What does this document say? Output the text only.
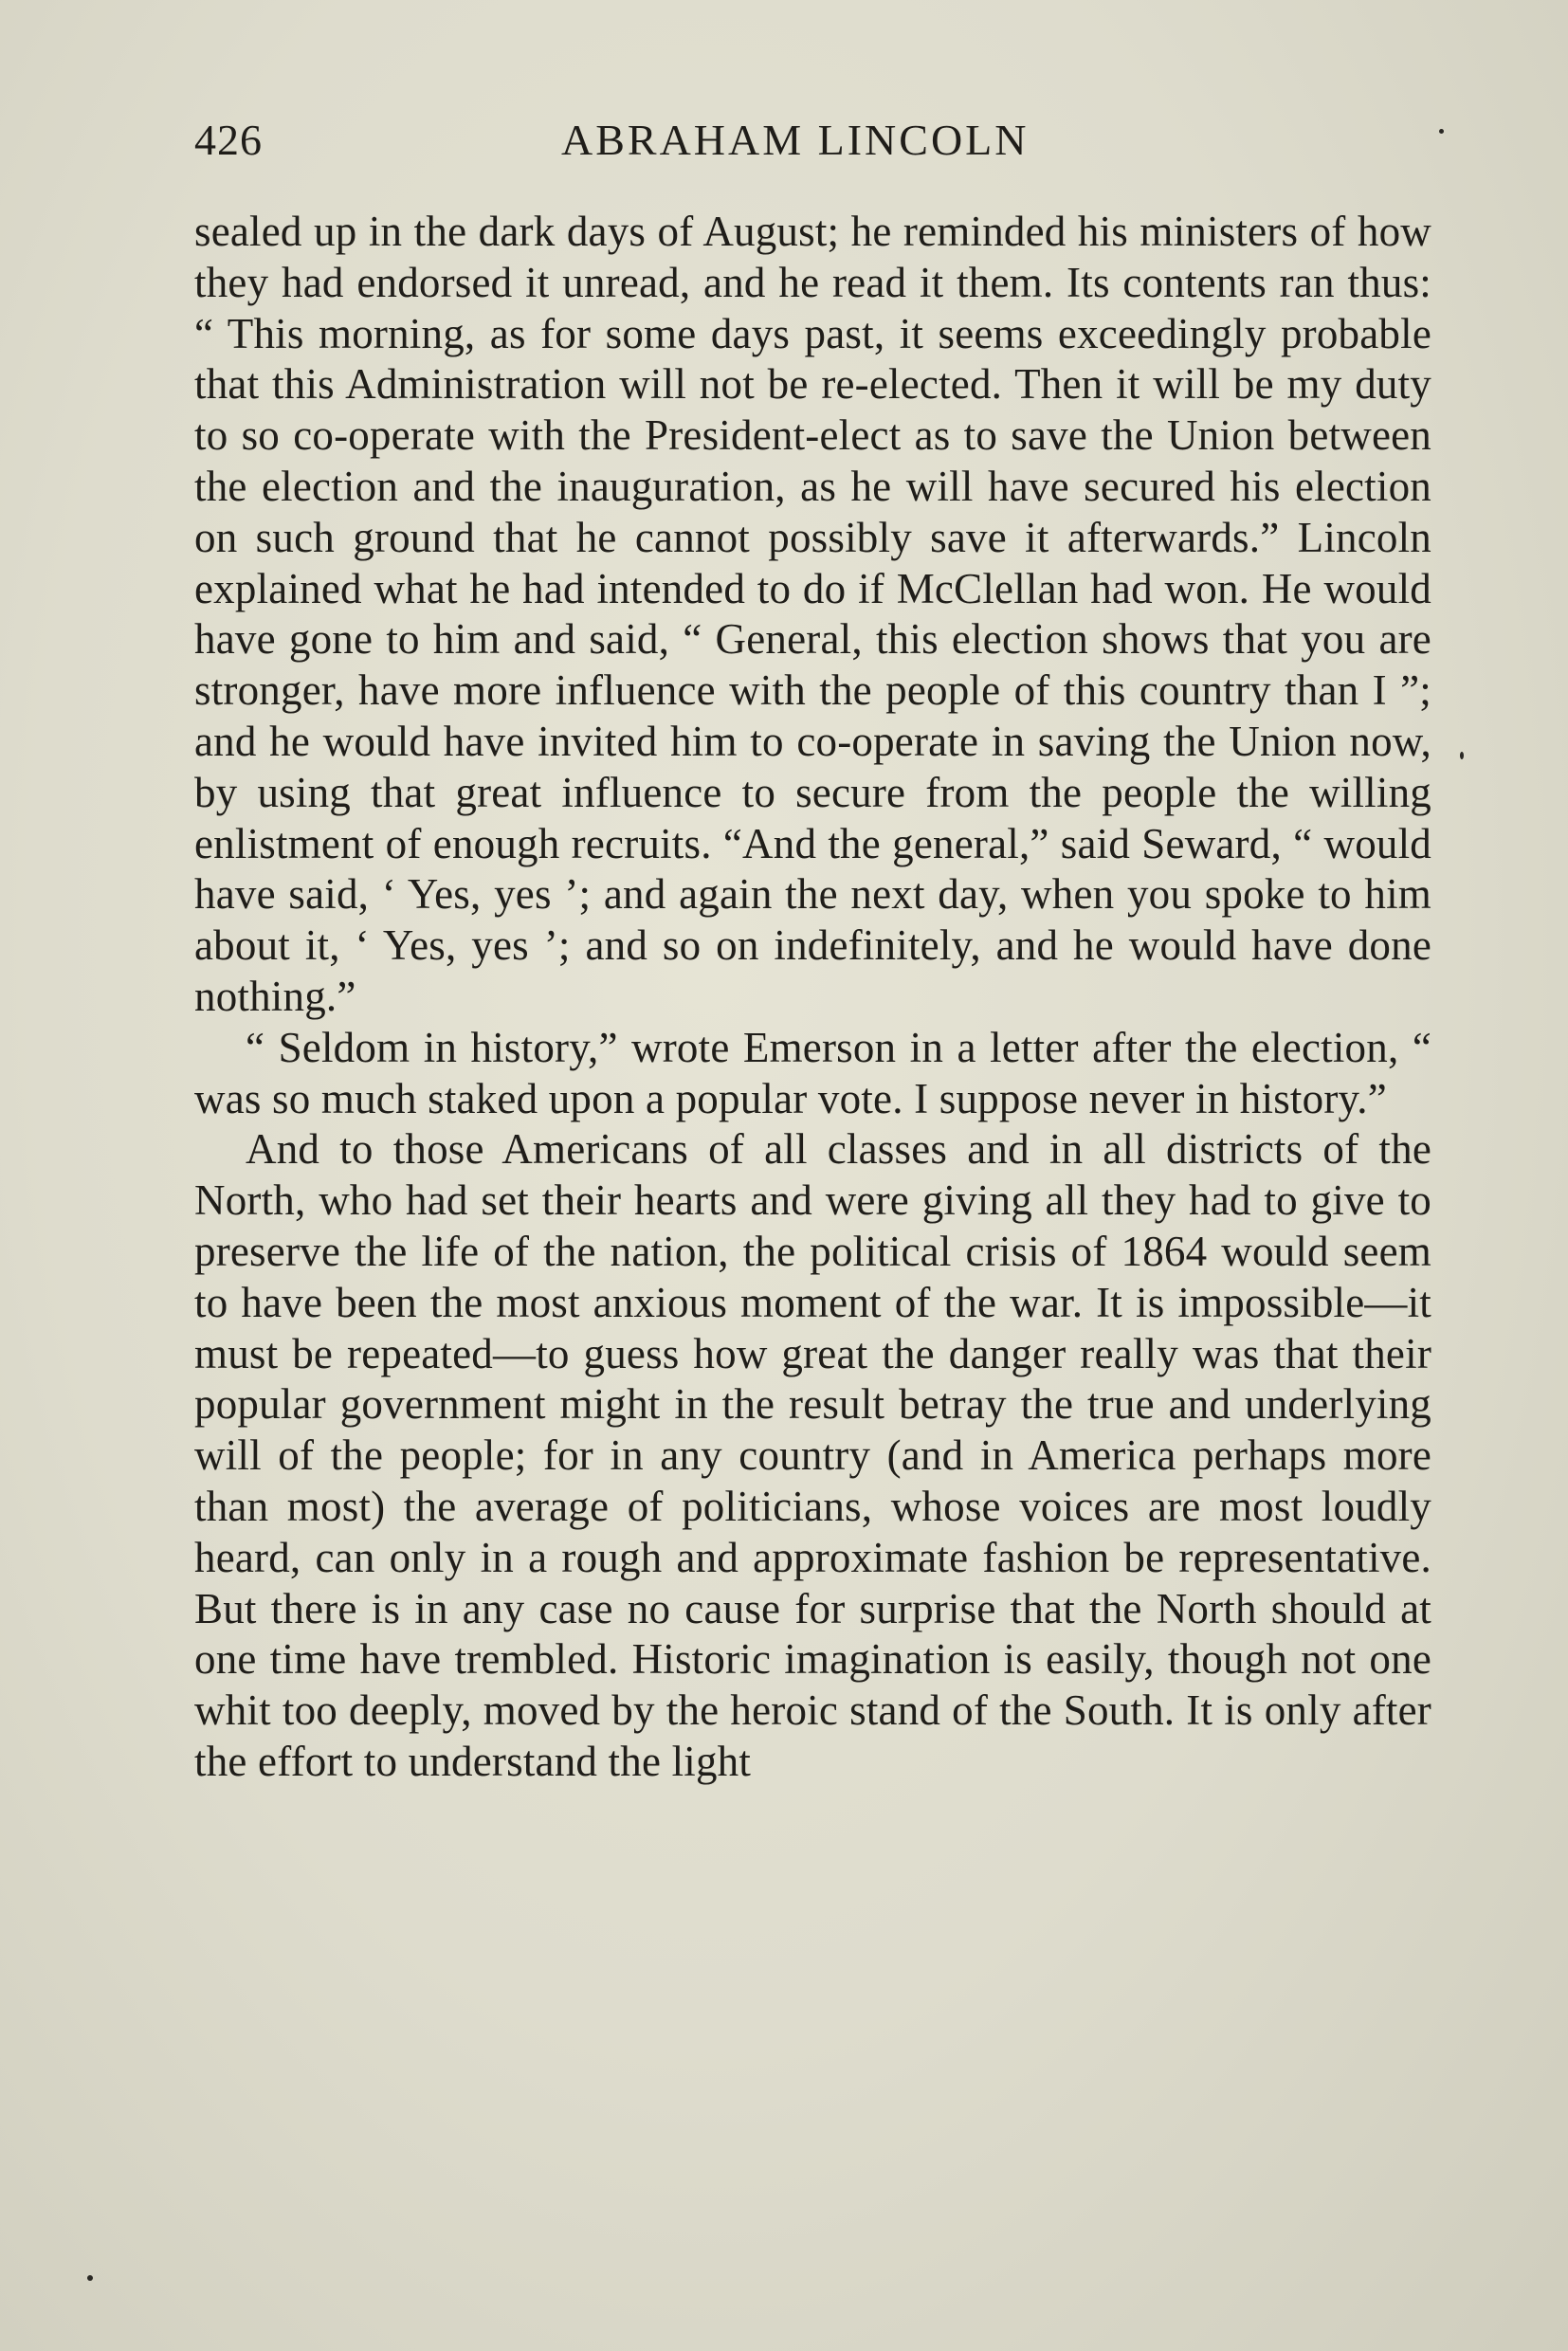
426	ABRAHAM LINCOLN

sealed up in the dark days of August; he reminded his ministers of how they had endorsed it unread, and he read it them. Its contents ran thus: “ This morning, as for some days past, it seems exceedingly probable that this Administration will not be re-elected. Then it will be my duty to so co-operate with the President-elect as to save the Union between the election and the inauguration, as he will have secured his election on such ground that he cannot possibly save it afterwards.” Lincoln explained what he had intended to do if McClellan had won. He would have gone to him and said, “ General, this election shows that you are stronger, have more influence with the people of this country than I ”; and he would have invited him to co-operate in saving the Union now, by using that great influence to secure from the people the willing enlistment of enough recruits. “And the general,” said Seward, “ would have said, ‘ Yes, yes ’; and again the next day, when you spoke to him about it, ‘ Yes, yes ’; and so on indefinitely, and he would have done nothing.”

“ Seldom in history,” wrote Emerson in a letter after the election, “ was so much staked upon a popular vote. I suppose never in history.”

And to those Americans of all classes and in all districts of the North, who had set their hearts and were giving all they had to give to preserve the life of the nation, the political crisis of 1864 would seem to have been the most anxious moment of the war. It is impossible—it must be repeated—to guess how great the danger really was that their popular government might in the result betray the true and underlying will of the people; for in any country (and in America perhaps more than most) the average of politicians, whose voices are most loudly heard, can only in a rough and approximate fashion be representative. But there is in any case no cause for surprise that the North should at one time have trembled. Historic imagination is easily, though not one whit too deeply, moved by the heroic stand of the South. It is only after the effort to understand the light
